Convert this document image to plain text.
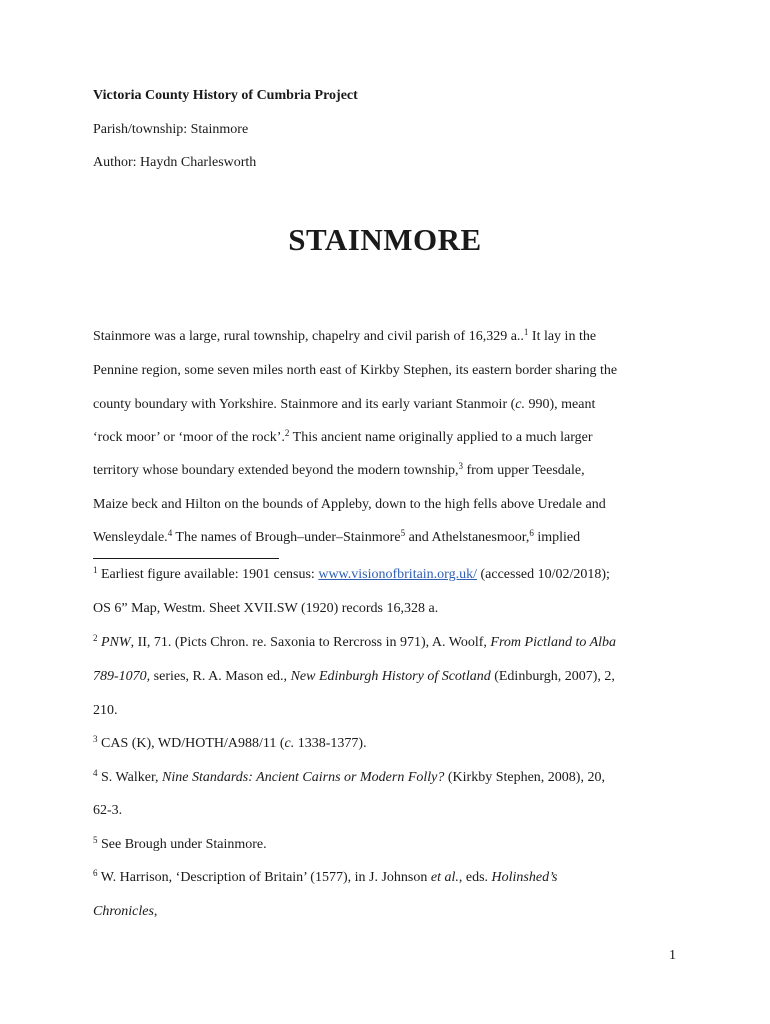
Victoria County History of Cumbria Project
Parish/township: Stainmore
Author: Haydn Charlesworth
STAINMORE
Stainmore was a large, rural township, chapelry and civil parish of 16,329 a..$^1$ It lay in the
Pennine region, some seven miles north east of Kirkby Stephen, its eastern border sharing the
county boundary with Yorkshire. Stainmore and its early variant Stanmoir (c. 990), meant
‘rock moor’ or ‘moor of the rock’.$^2$ This ancient name originally applied to a much larger
territory whose boundary extended beyond the modern township,$^3$ from upper Teesdale,
Maize beck and Hilton on the bounds of Appleby, down to the high fells above Uredale and
Wensleydale.$^4$ The names of Brough–under–Stainmore$^5$ and Athelstanesmoor,$^6$ implied
$^1$ Earliest figure available: 1901 census: www.visionofbritain.org.uk/ (accessed 10/02/2018);
OS 6” Map, Westm. Sheet XVII.SW (1920) records 16,328 a.
$^2$ PNW, II, 71. (Picts Chron. re. Saxonia to Rercross in 971), A. Woolf, From Pictland to Alba
789-1070, series, R. A. Mason ed., New Edinburgh History of Scotland (Edinburgh, 2007), 2,
210.
$^3$ CAS (K), WD/HOTH/A988/11 (c. 1338-1377).
$^4$ S. Walker, Nine Standards: Ancient Cairns or Modern Folly? (Kirkby Stephen, 2008), 20,
62-3.
$^5$ See Brough under Stainmore.
$^6$ W. Harrison, ‘Description of Britain’ (1577), in J. Johnson et al., eds. Holinshed’s
Chronicles,
1
